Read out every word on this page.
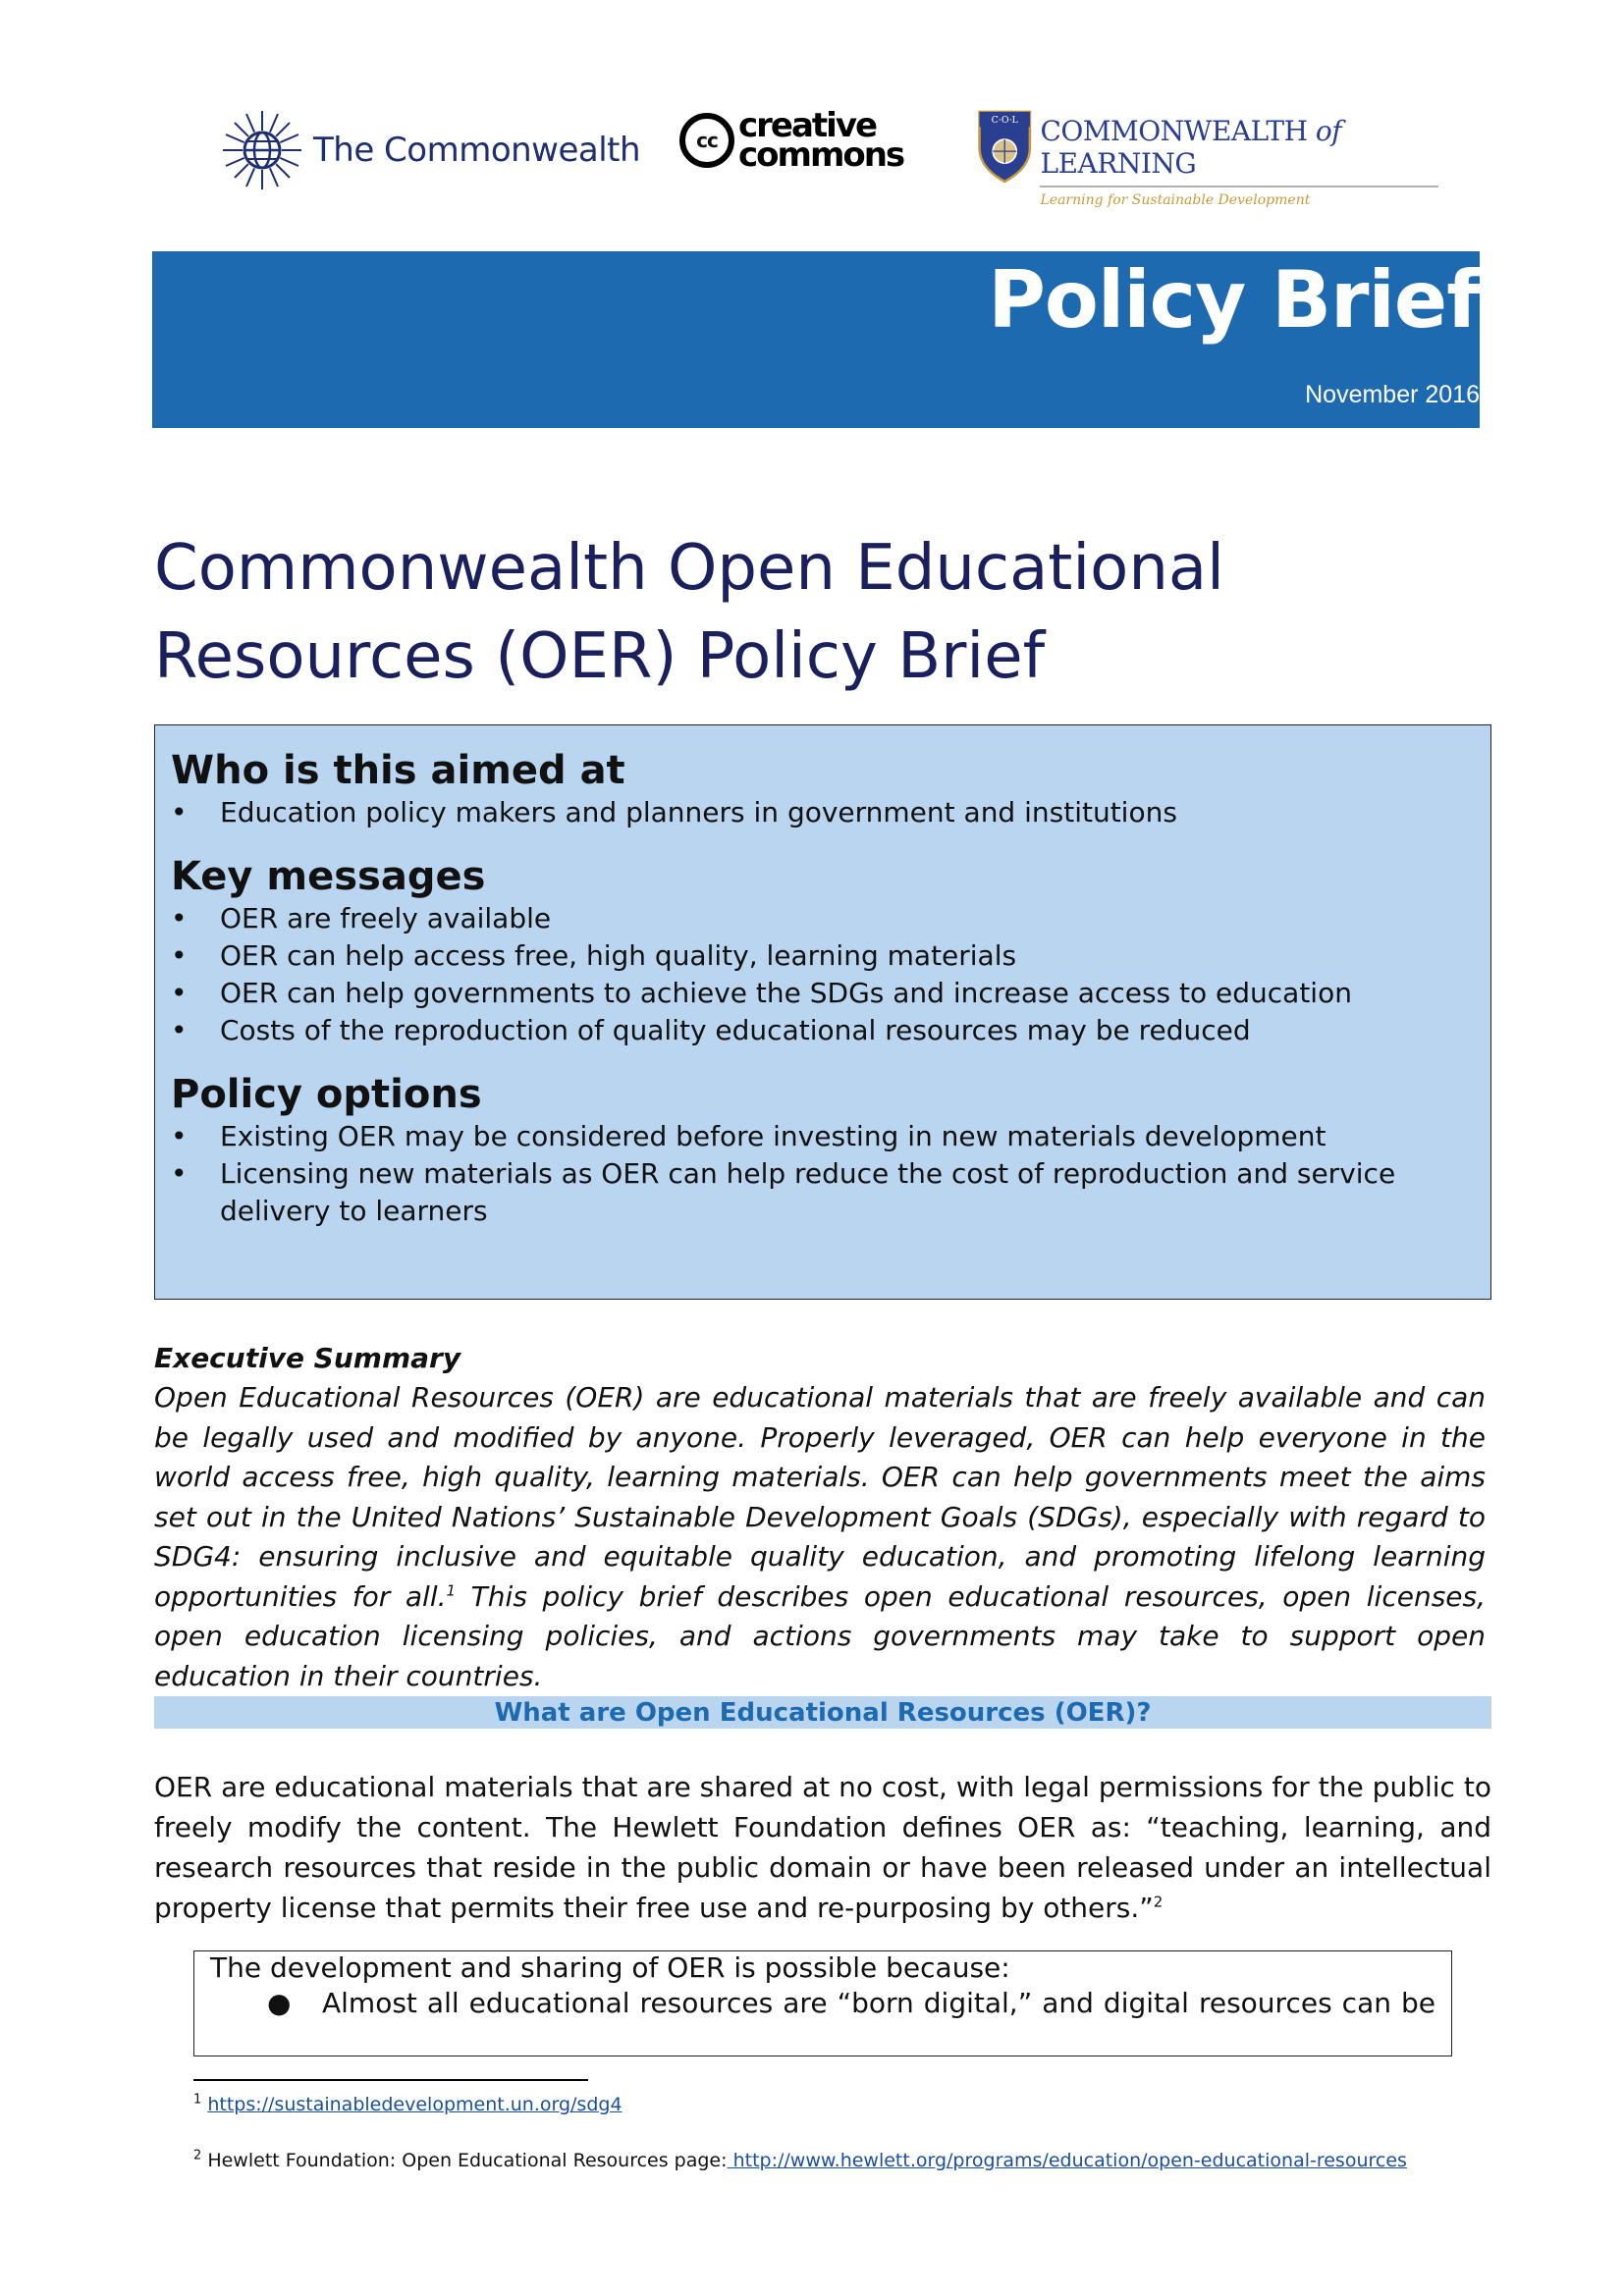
The Commonwealth	cc creative
commons
C·O·L COMMONWEALTH of LEARNING
Learning for Sustainable Development
Policy Brief
November 2016
Commonwealth Open Educational
Resources (OER) Policy Brief
Who is this aimed at
• Education policy makers and planners in government and institutions
Key messages
• OER are freely available
• OER can help access free, high quality, learning materials
• OER can help governments to achieve the SDGs and increase access to education
• Costs of the reproduction of quality educational resources may be reduced
Policy options
• Existing OER may be considered before investing in new materials development
• Licensing new materials as OER can help reduce the cost of reproduction and service delivery to learners
Executive Summary

Open Educational Resources (OER) are educational materials that are freely available and can be legally used and modified by anyone. Properly leveraged, OER can help everyone in the world access free, high quality, learning materials. OER can help governments meet the aims set out in the United Nations’ Sustainable Development Goals (SDGs), especially with regard to SDG4: ensuring inclusive and equitable quality education, and promoting lifelong learning opportunities for all.$^1$ This policy brief describes open educational resources, open licenses, open education licensing policies, and actions governments may take to support open education in their countries.

What are Open Educational Resources (OER)?

OER are educational materials that are shared at no cost, with legal permissions for the public to freely modify the content. The Hewlett Foundation defines OER as: “teaching, learning, and research resources that reside in the public domain or have been released under an intellectual property license that permits their free use and re-purposing by others.”$^2$

The development and sharing of OER is possible because:
● Almost all educational resources are “born digital,” and digital resources can be
$^1$ https://sustainabledevelopment.un.org/sdg4
$^2$ Hewlett Foundation: Open Educational Resources page: http://www.hewlett.org/programs/education/open-educational-resources
